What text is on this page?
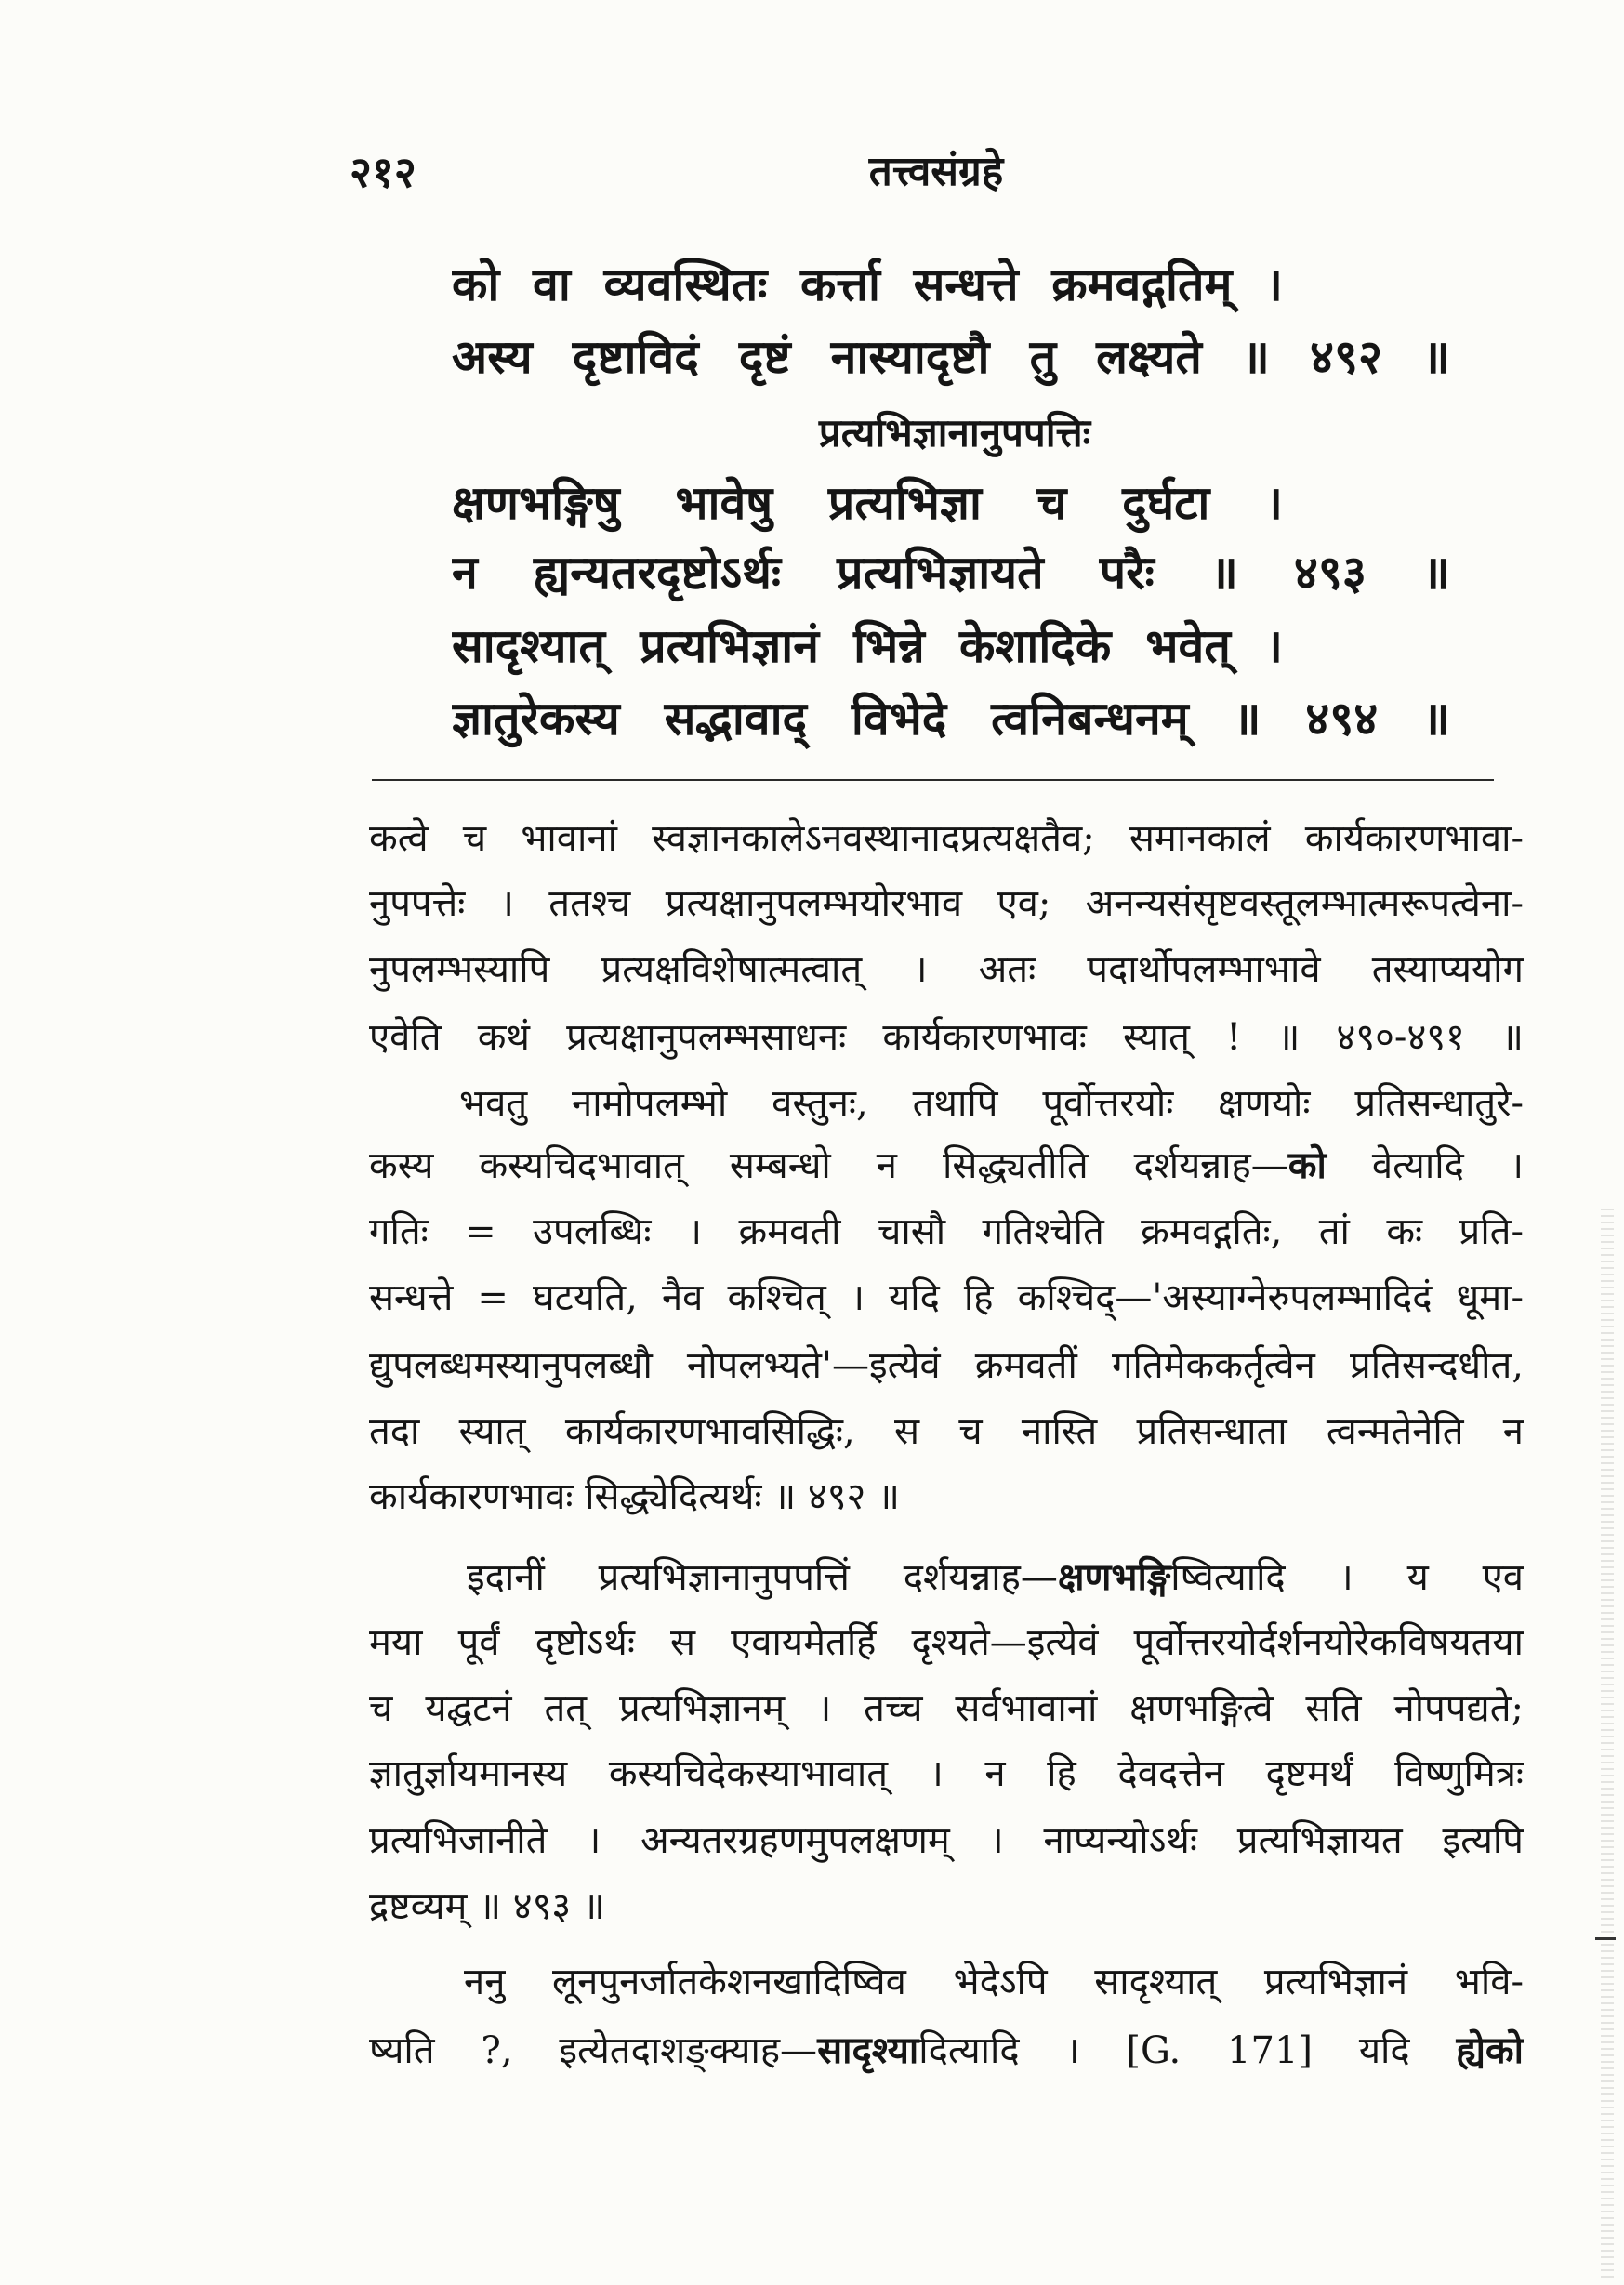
२१२	तत्त्वसंग्रहे
को वा व्यवस्थितः कर्त्ता सन्धत्ते क्रमवद्गतिम् ।
अस्य दृष्टाविदं दृष्टं नास्यादृष्टौ तु लक्ष्यते ॥ ४९२ ॥
प्रत्यभिज्ञानानुपपत्तिः
क्षणभङ्गिषु भावेषु प्रत्यभिज्ञा च दुर्घटा ।
न ह्यन्यतरदृष्टोऽर्थः प्रत्यभिज्ञायते परैः ॥ ४९३ ॥
सादृश्यात् प्रत्यभिज्ञानं भिन्ने केशादिके भवेत् ।
ज्ञातुरेकस्य सद्भावाद् विभेदे त्वनिबन्धनम् ॥ ४९४ ॥
कत्वे च भावानां स्वज्ञानकालेऽनवस्थानादप्रत्यक्षतैव; समानकालं कार्यकारणभावा-
नुपपत्तेः । ततश्च प्रत्यक्षानुपलम्भयोरभाव एव; अनन्यसंसृष्टवस्तूलम्भात्मरूपत्वेना-
नुपलम्भस्यापि प्रत्यक्षविशेषात्मत्वात् । अतः पदार्थोपलम्भाभावे तस्याप्ययोग
एवेति कथं प्रत्यक्षानुपलम्भसाधनः कार्यकारणभावः स्यात् ! ॥ ४९०-४९१ ॥
भवतु नामोपलम्भो वस्तुनः, तथापि पूर्वोत्तरयोः क्षणयोः प्रतिसन्धातुरे-
कस्य कस्यचिदभावात् सम्बन्धो न सिद्ध्यतीति दर्शयन्नाह—को वेत्यादि ।
गतिः = उपलब्धिः । क्रमवती चासौ गतिश्चेति क्रमवद्गतिः, तां कः प्रति-
सन्धत्ते = घटयति, नैव कश्चित् । यदि हि कश्चिद्—'अस्याग्नेरुपलम्भादिदं धूमा-
द्युपलब्धमस्यानुपलब्धौ नोपलभ्यते'—इत्येवं क्रमवतीं गतिमेककर्तृत्वेन प्रतिसन्दधीत,
तदा स्यात् कार्यकारणभावसिद्धिः, स च नास्ति प्रतिसन्धाता त्वन्मतेनेति न
कार्यकारणभावः सिद्ध्येदित्यर्थः ॥ ४९२ ॥
इदानीं प्रत्यभिज्ञानानुपपत्तिं दर्शयन्नाह—क्षणभङ्गिष्वित्यादि । य एव
मया पूर्वं दृष्टोऽर्थः स एवायमेतर्हि दृश्यते—इत्येवं पूर्वोत्तरयोर्दर्शनयोरेकविषयतया
च यद्घटनं तत् प्रत्यभिज्ञानम् । तच्च सर्वभावानां क्षणभङ्गित्वे सति नोपपद्यते;
ज्ञातुर्ज्ञायमानस्य कस्यचिदेकस्याभावात् । न हि देवदत्तेन दृष्टमर्थं विष्णुमित्रः
प्रत्यभिजानीते । अन्यतरग्रहणमुपलक्षणम् । नाप्यन्योऽर्थः प्रत्यभिज्ञायत इत्यपि
द्रष्टव्यम् ॥ ४९३ ॥
ननु लूनपुनर्जातकेशनखादिष्विव भेदेऽपि सादृश्यात् प्रत्यभिज्ञानं भवि-
ष्यति ?, इत्येतदाशङ्क्याह—सादृश्यादित्यादि । [G. 171] यदि ह्येको
